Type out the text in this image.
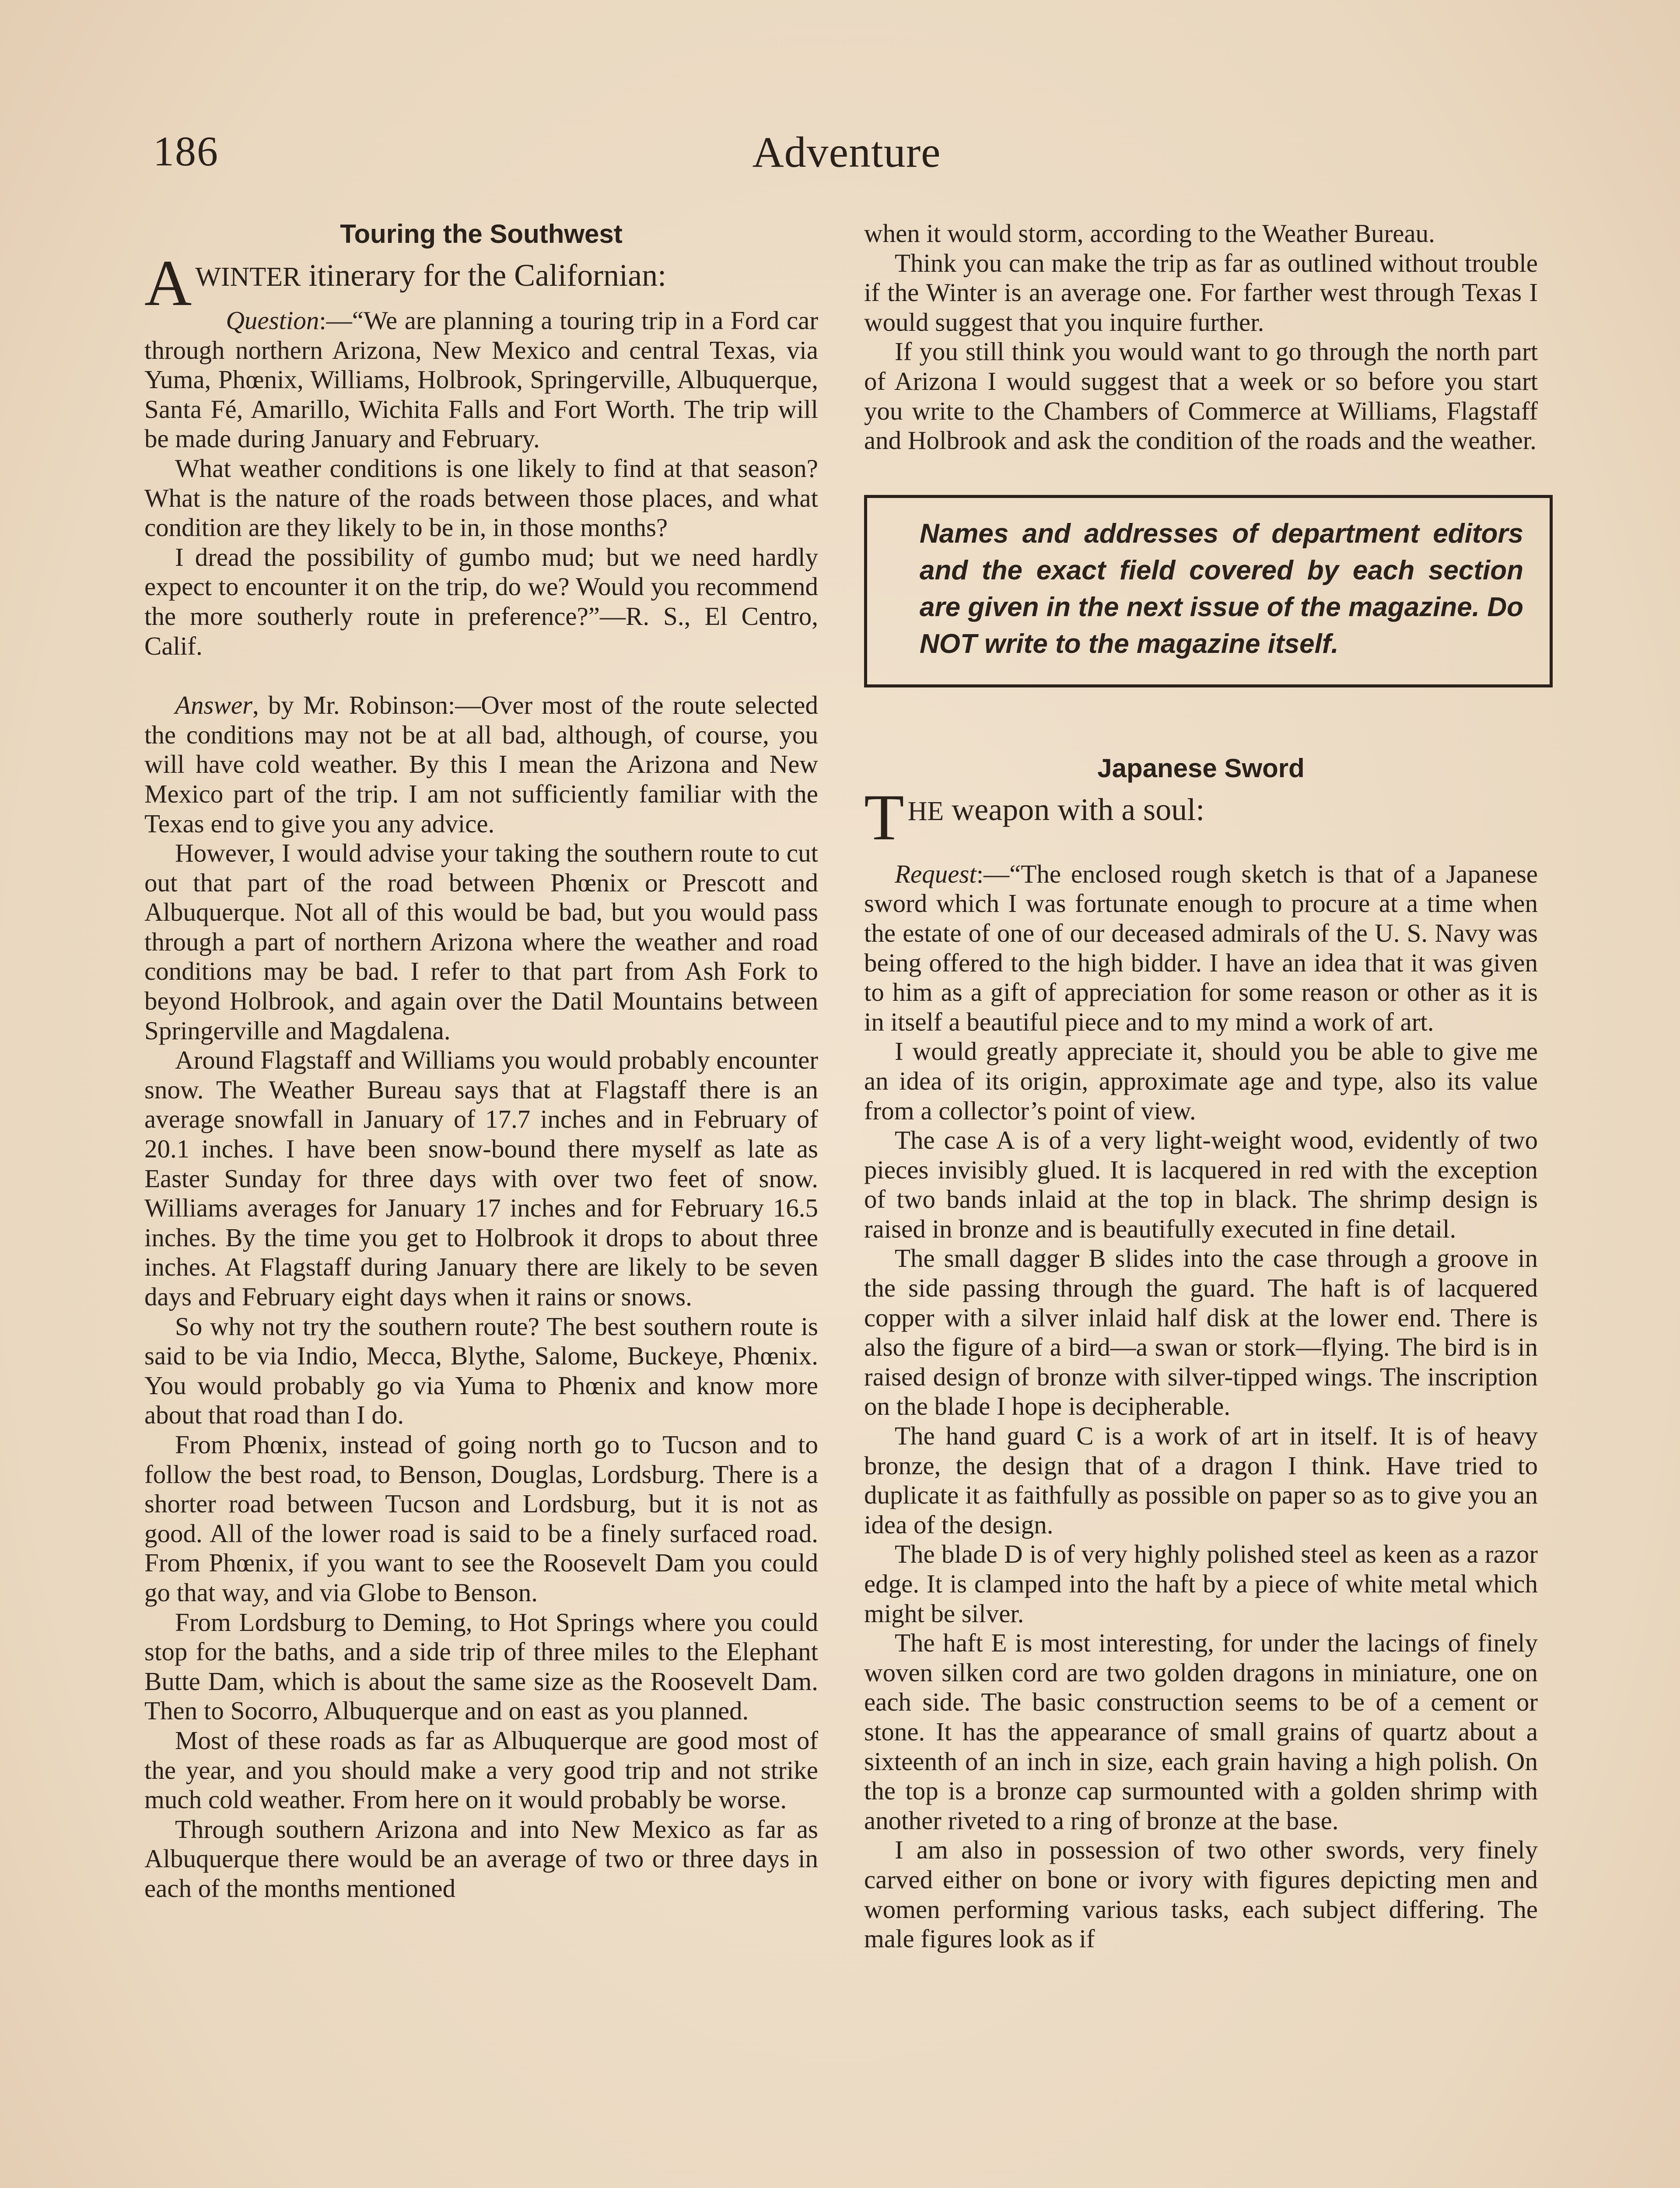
186	Adventure
Touring the Southwest
AWINTER itinerary for the Californian:

Question:—“We are planning a touring trip in a Ford car through northern Arizona, New Mexico and central Texas, via Yuma, Phœnix, Williams, Holbrook, Springerville, Albuquerque, Santa Fé, Amarillo, Wichita Falls and Fort Worth. The trip will be made during January and February.

What weather conditions is one likely to find at that season? What is the nature of the roads between those places, and what condition are they likely to be in, in those months?

I dread the possibility of gumbo mud; but we need hardly expect to encounter it on the trip, do we? Would you recommend the more southerly route in preference?”—R. S., El Centro, Calif.

Answer, by Mr. Robinson:—Over most of the route selected the conditions may not be at all bad, although, of course, you will have cold weather. By this I mean the Arizona and New Mexico part of the trip. I am not sufficiently familiar with the Texas end to give you any advice.

However, I would advise your taking the southern route to cut out that part of the road between Phœnix or Prescott and Albuquerque. Not all of this would be bad, but you would pass through a part of northern Arizona where the weather and road conditions may be bad. I refer to that part from Ash Fork to beyond Holbrook, and again over the Datil Mountains between Springerville and Magdalena.

Around Flagstaff and Williams you would probably encounter snow. The Weather Bureau says that at Flagstaff there is an average snowfall in January of 17.7 inches and in February of 20.1 inches. I have been snow-bound there myself as late as Easter Sunday for three days with over two feet of snow. Williams averages for January 17 inches and for February 16.5 inches. By the time you get to Holbrook it drops to about three inches. At Flagstaff during January there are likely to be seven days and February eight days when it rains or snows.

So why not try the southern route? The best southern route is said to be via Indio, Mecca, Blythe, Salome, Buckeye, Phœnix. You would probably go via Yuma to Phœnix and know more about that road than I do.

From Phœnix, instead of going north go to Tucson and to follow the best road, to Benson, Douglas, Lordsburg. There is a shorter road between Tucson and Lordsburg, but it is not as good. All of the lower road is said to be a finely surfaced road. From Phœnix, if you want to see the Roosevelt Dam you could go that way, and via Globe to Benson.

From Lordsburg to Deming, to Hot Springs where you could stop for the baths, and a side trip of three miles to the Elephant Butte Dam, which is about the same size as the Roosevelt Dam. Then to Socorro, Albuquerque and on east as you planned.

Most of these roads as far as Albuquerque are good most of the year, and you should make a very good trip and not strike much cold weather. From here on it would probably be worse.

Through southern Arizona and into New Mexico as far as Albuquerque there would be an average of two or three days in each of the months mentioned

when it would storm, according to the Weather Bureau.

Think you can make the trip as far as outlined without trouble if the Winter is an average one. For farther west through Texas I would suggest that you inquire further.

If you still think you would want to go through the north part of Arizona I would suggest that a week or so before you start you write to the Chambers of Commerce at Williams, Flagstaff and Holbrook and ask the condition of the roads and the weather.

Names and addresses of department editors and the exact field covered by each section are given in the next issue of the magazine. Do NOT write to the magazine itself.
Japanese Sword
THE weapon with a soul:

Request:—“The enclosed rough sketch is that of a Japanese sword which I was fortunate enough to procure at a time when the estate of one of our deceased admirals of the U. S. Navy was being offered to the high bidder. I have an idea that it was given to him as a gift of appreciation for some reason or other as it is in itself a beautiful piece and to my mind a work of art.

I would greatly appreciate it, should you be able to give me an idea of its origin, approximate age and type, also its value from a collector’s point of view.

The case A is of a very light-weight wood, evidently of two pieces invisibly glued. It is lacquered in red with the exception of two bands inlaid at the top in black. The shrimp design is raised in bronze and is beautifully executed in fine detail.

The small dagger B slides into the case through a groove in the side passing through the guard. The haft is of lacquered copper with a silver inlaid half disk at the lower end. There is also the figure of a bird—a swan or stork—flying. The bird is in raised design of bronze with silver-tipped wings. The inscription on the blade I hope is decipherable.

The hand guard C is a work of art in itself. It is of heavy bronze, the design that of a dragon I think. Have tried to duplicate it as faithfully as possible on paper so as to give you an idea of the design.

The blade D is of very highly polished steel as keen as a razor edge. It is clamped into the haft by a piece of white metal which might be silver.

The haft E is most interesting, for under the lacings of finely woven silken cord are two golden dragons in miniature, one on each side. The basic construction seems to be of a cement or stone. It has the appearance of small grains of quartz about a sixteenth of an inch in size, each grain having a high polish. On the top is a bronze cap surmounted with a golden shrimp with another riveted to a ring of bronze at the base.

I am also in possession of two other swords, very finely carved either on bone or ivory with figures depicting men and women performing various tasks, each subject differing. The male figures look as if
